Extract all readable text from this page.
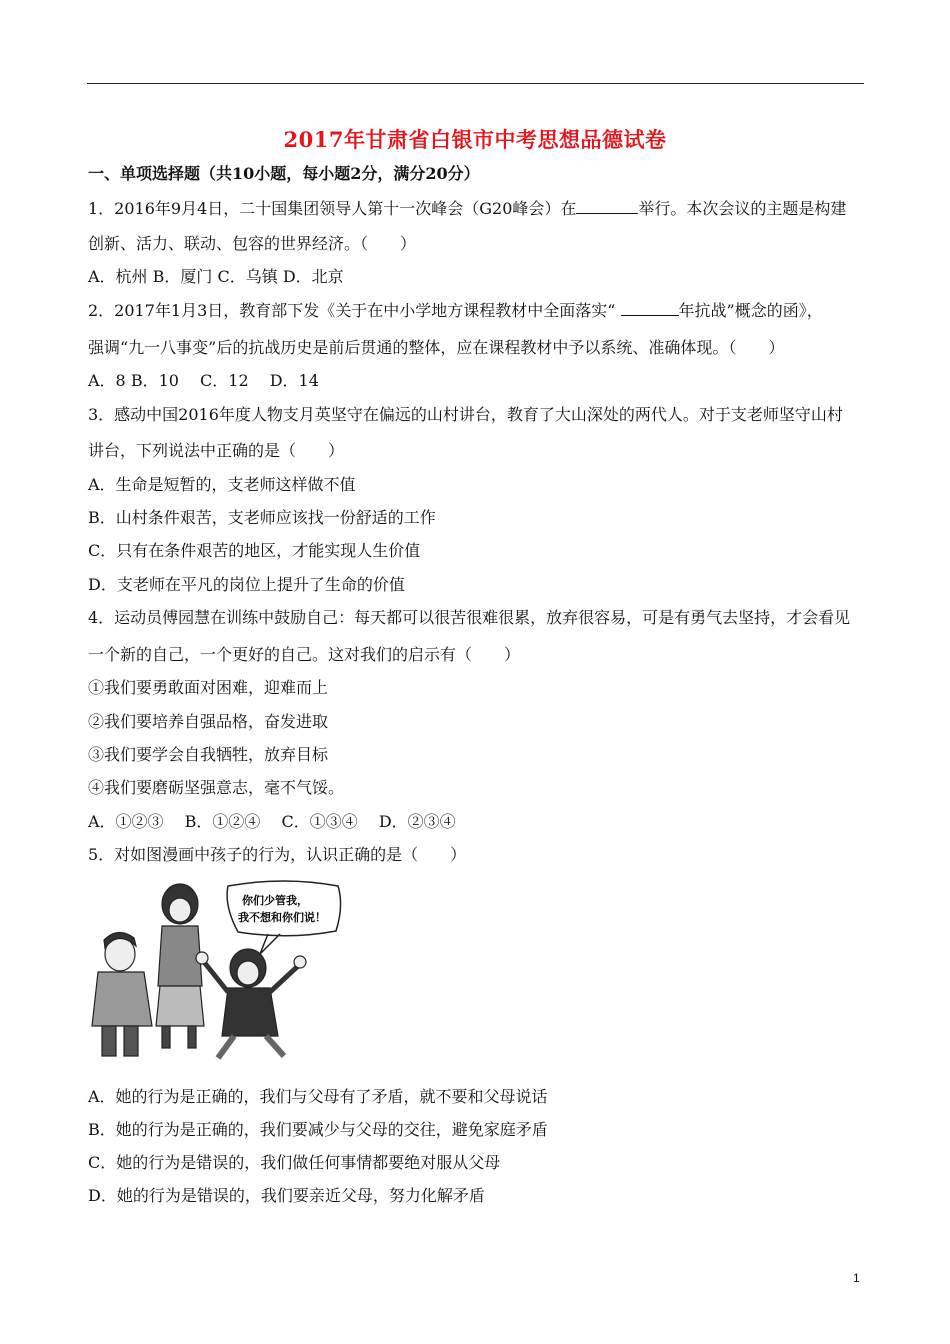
2017年甘肃省白银市中考思想品德试卷
一、单项选择题（共10小题，每小题2分，满分20分）
1．2016年9月4日，二十国集团领导人第十一次峰会（G20峰会）在	举行。本次会议的主题是构建
创新、活力、联动、包容的世界经济。（　　）
A．杭州 B．厦门 C．乌镇 D．北京
2．2017年1月3日，教育部下发《关于在中小学地方课程教材中全面落实“	年抗战”概念的函》，
强调“九一八事变”后的抗战历史是前后贯通的整体，应在课程教材中予以系统、准确体现。（　　）
A．8 B．10　 C．12　 D．14
3．感动中国2016年度人物支月英坚守在偏远的山村讲台，教育了大山深处的两代人。对于支老师坚守山村
讲台，下列说法中正确的是（　　）
A．生命是短暂的，支老师这样做不值
B．山村条件艰苦，支老师应该找一份舒适的工作
C．只有在条件艰苦的地区，才能实现人生价值
D．支老师在平凡的岗位上提升了生命的价值
4．运动员傅园慧在训练中鼓励自己：每天都可以很苦很难很累，放弃很容易，可是有勇气去坚持，才会看见
一个新的自己，一个更好的自己。这对我们的启示有（　　）
①我们要勇敢面对困难，迎难而上
②我们要培养自强品格，奋发进取
③我们要学会自我牺牲，放弃目标
④我们要磨砺坚强意志，毫不气馁。
A．①②③　 B．①②④　 C．①③④　 D．②③④
5．对如图漫画中孩子的行为，认识正确的是（　　）
你们少管我，
我不想和你们说！
A．她的行为是正确的，我们与父母有了矛盾，就不要和父母说话
B．她的行为是正确的，我们要减少与父母的交往，避免家庭矛盾
C．她的行为是错误的，我们做任何事情都要绝对服从父母
D．她的行为是错误的，我们要亲近父母，努力化解矛盾
1
